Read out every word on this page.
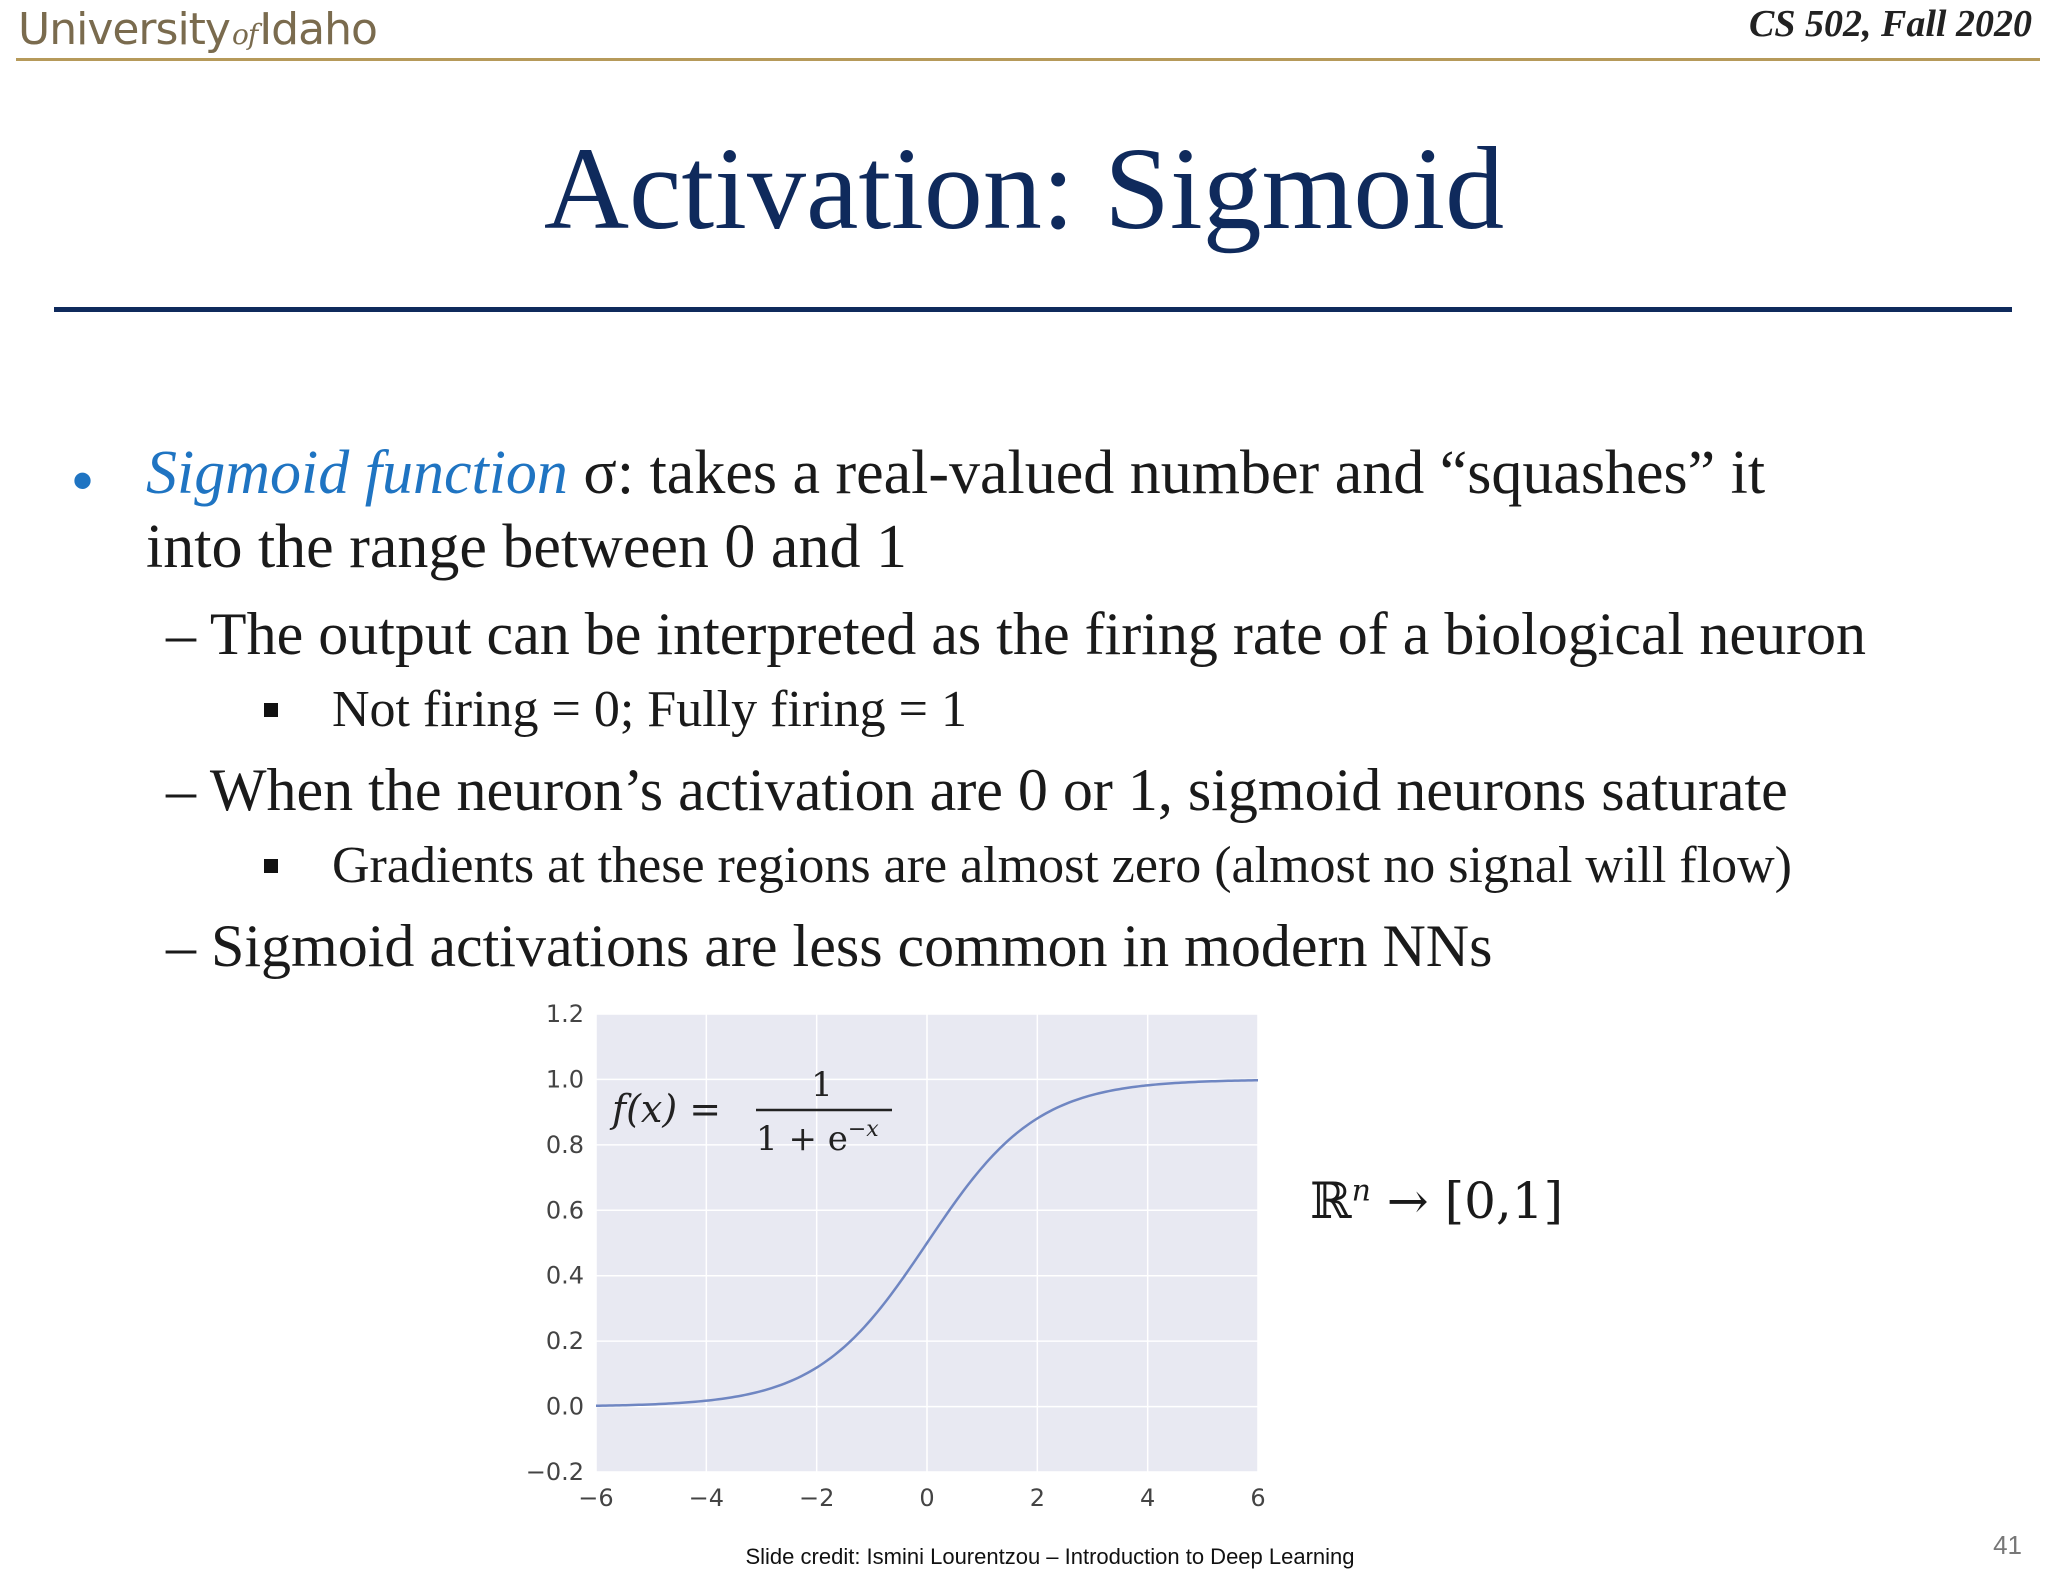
UniversityofIdaho	CS 502, Fall 2020
Activation: Sigmoid
• Sigmoid function σ: takes a real-valued number and “squashes” it
into the range between 0 and 1
– The output can be interpreted as the firing rate of a biological neuron
Not firing = 0; Fully firing = 1
– When the neuron’s activation are 0 or 1, sigmoid neurons saturate
Gradients at these regions are almost zero (almost no signal will flow)
– Sigmoid activations are less common in modern NNs
1.2
1.0
0.8
0.6
0.4
0.2
0.0
−0.2
−6	−4	−2	0	2	4	6
f(x) =
1
$1 + e^{-x}$
ℝ$^n$ → [0,1]
Slide credit: Ismini Lourentzou – Introduction to Deep Learning	41
